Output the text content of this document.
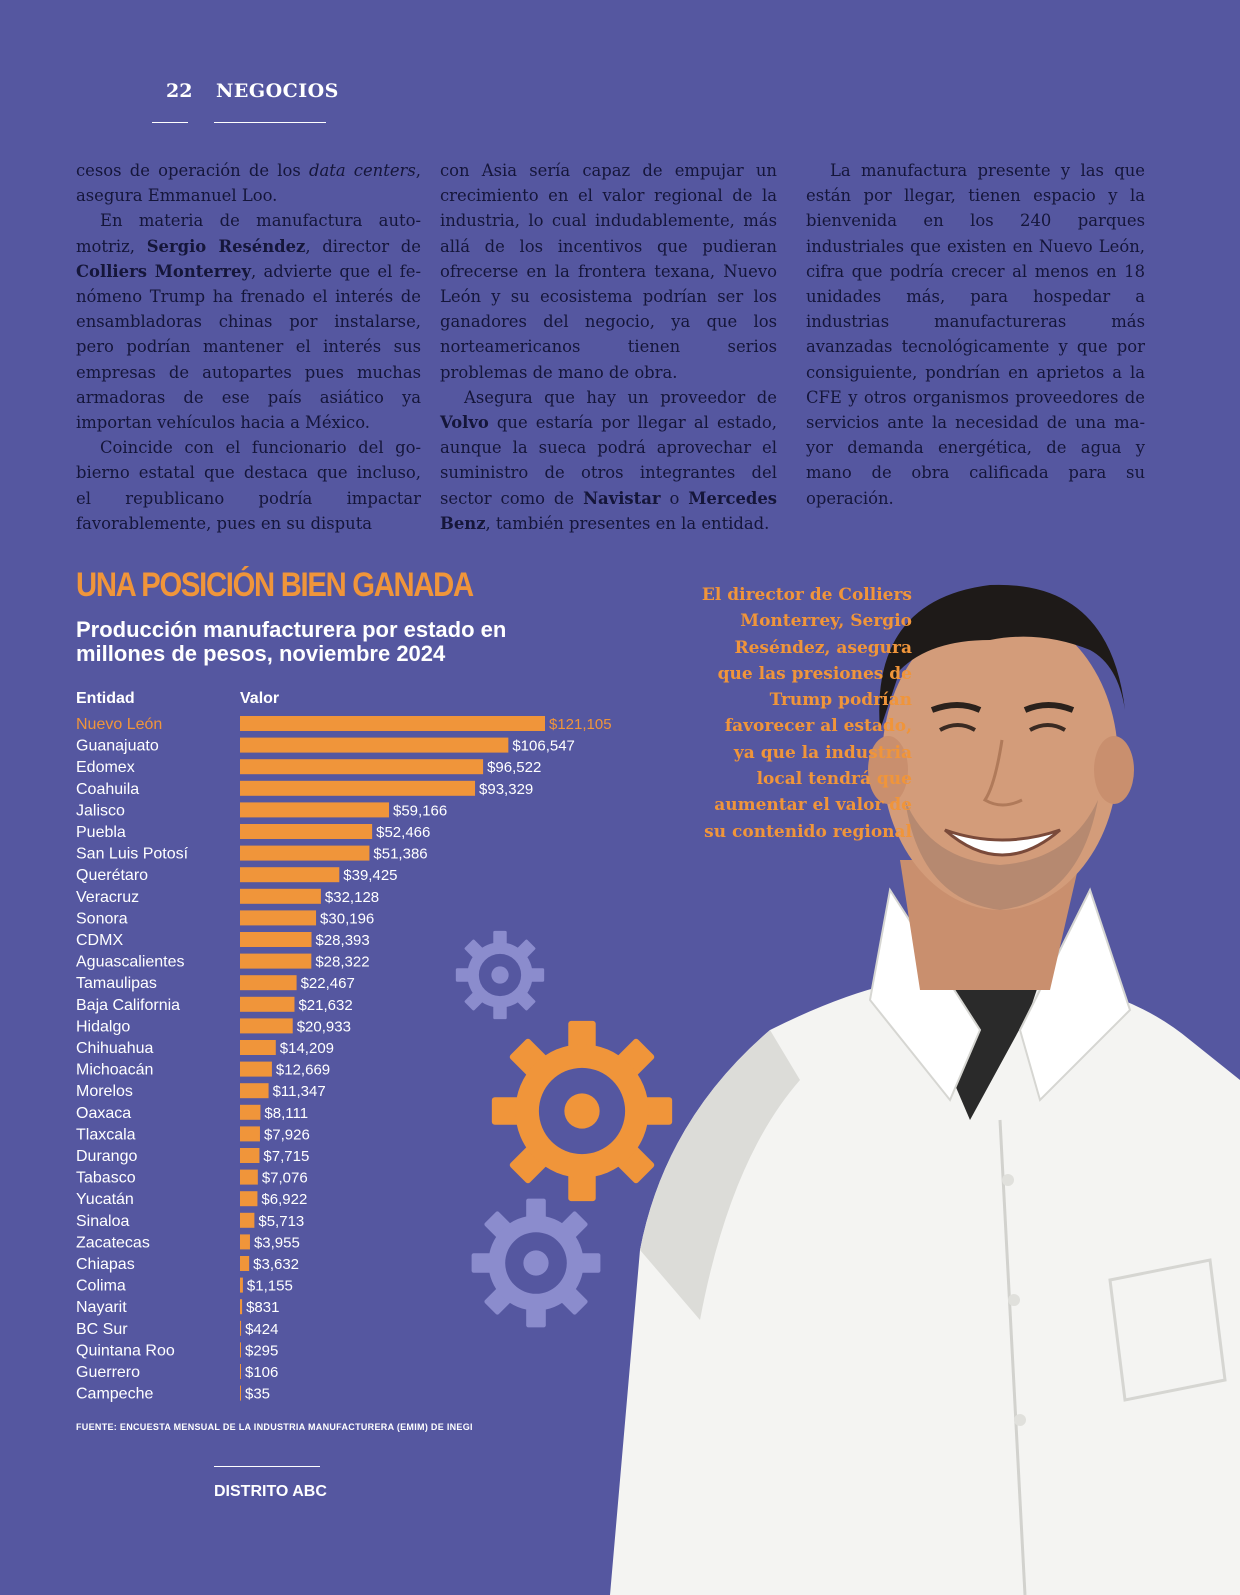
22 NEGOCIOS

cesos de operación de los data centers, asegura Emmanuel Loo.

En materia de manufactura automotriz, Sergio Reséndez, director de Colliers Monterrey, advierte que el fenómeno Trump ha frenado el interés de ensambladoras chinas por instalarse, pero podrían mantener el interés sus empresas de autopartes pues muchas armadoras de ese país asiático ya importan vehículos hacia a México.

Coincide con el funcionario del gobierno estatal que destaca que incluso, el republicano podría impactar favorablemente, pues en su disputa

con Asia sería capaz de empujar un crecimiento en el valor regional de la industria, lo cual indudablemente, más allá de los incentivos que pudieran ofrecerse en la frontera texana, Nuevo León y su ecosistema podrían ser los ganadores del negocio, ya que los norteamericanos tienen serios problemas de mano de obra.

Asegura que hay un proveedor de Volvo que estaría por llegar al estado, aunque la sueca podrá aprovechar el suministro de otros integrantes del sector como de Navistar o Mercedes Benz, también presentes en la entidad.

La manufactura presente y las que están por llegar, tienen espacio y la bienvenida en los 240 parques industriales que existen en Nuevo León, cifra que podría crecer al menos en 18 unidades más, para hospedar a industrias manufactureras más avanzadas tecnológicamente y que por consiguiente, pondrían en aprietos a la CFE y otros organismos proveedores de servicios ante la necesidad de una mayor demanda energética, de agua y mano de obra calificada para su operación.

UNA POSICIÓN BIEN GANADA
Producción manufacturera por estado en millones de pesos, noviembre 2024
Entidad	Valor
Nuevo León	$121,105
Guanajuato	$106,547
Edomex	$96,522
Coahuila	$93,329
Jalisco	$59,166
Puebla	$52,466
San Luis Potosí	$51,386
Querétaro	$39,425
Veracruz	$32,128
Sonora	$30,196
CDMX	$28,393
Aguascalientes	$28,322
Tamaulipas	$22,467
Baja California	$21,632
Hidalgo	$20,933
Chihuahua	$14,209
Michoacán	$12,669
Morelos	$11,347
Oaxaca	$8,111
Tlaxcala	$7,926
Durango	$7,715
Tabasco	$7,076
Yucatán	$6,922
Sinaloa	$5,713
Zacatecas	$3,955
Chiapas	$3,632
Colima	$1,155
Nayarit	$831
BC Sur	$424
Quintana Roo	$295
Guerrero	$106
Campeche	$35
FUENTE: ENCUESTA MENSUAL DE LA INDUSTRIA MANUFACTURERA (EMIM) DE INEGI
DISTRITO ABC
El director de Colliers Monterrey, Sergio Reséndez, asegura que las presiones de Trump podrían favorecer al estado, ya que la industria local tendrá que aumentar el valor de su contenido regional
